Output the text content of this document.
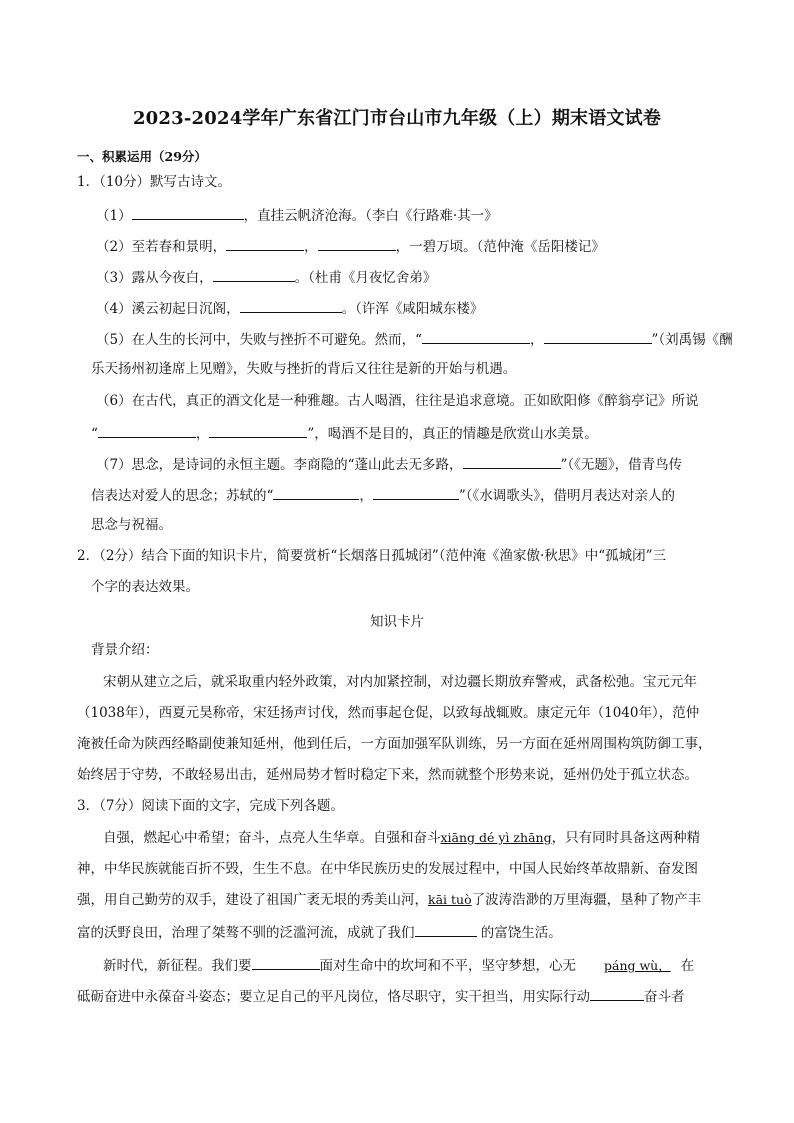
2023-2024学年广东省江门市台山市九年级（上）期末语文试卷
一、积累运用（29分）
1．（10分）默写古诗文。
（1）	，直挂云帆济沧海。（李白《行路难·其一》
（2）至若春和景明，	，	，一碧万顷。（范仲淹《岳阳楼记》
（3）露从今夜白，	。（杜甫《月夜忆舍弟》
（4）溪云初起日沉阁，	。（许浑《咸阳城东楼》
（5）在人生的长河中，失败与挫折不可避免。然而，“	，	”（刘禹锡《酬
乐天扬州初逢席上见赠》，失败与挫折的背后又往往是新的开始与机遇。
（6）在古代，真正的酒文化是一种雅趣。古人喝酒，往往是追求意境。正如欧阳修《醉翁亭记》所说
“	，	”，喝酒不是目的，真正的情趣是欣赏山水美景。
（7）思念，是诗词的永恒主题。李商隐的“蓬山此去无多路，	”（《无题》，借青鸟传
信表达对爱人的思念；苏轼的“	，	”（《水调歌头》，借明月表达对亲人的
思念与祝福。
2．（2分）结合下面的知识卡片，简要赏析“长烟落日孤城闭”（范仲淹《渔家傲·秋思》中“孤城闭”三
个字的表达效果。
知识卡片
背景介绍：
宋朝从建立之后，就采取重内轻外政策，对内加紧控制，对边疆长期放弃警戒，武备松弛。宝元元年
（1038年），西夏元昊称帝，宋廷扬声讨伐，然而事起仓促，以致每战辄败。康定元年（1040年），范仲
淹被任命为陕西经略副使兼知延州，他到任后，一方面加强军队训练，另一方面在延州周围构筑防御工事，
始终居于守势，不敢轻易出击，延州局势才暂时稳定下来，然而就整个形势来说，延州仍处于孤立状态。
3．（7分）阅读下面的文字，完成下列各题。
自强，燃起心中希望；奋斗，点亮人生华章。自强和奋斗xiāng dé yì zhāng，只有同时具备这两种精
神，中华民族就能百折不毁，生生不息。在中华民族历史的发展过程中，中国人民始终革故鼎新、奋发图
强，用自己勤劳的双手，建设了祖国广袤无垠的秀美山河，kāi tuò了波涛浩渺的万里海疆，垦种了物产丰
富的沃野良田，治理了桀骜不驯的泛滥河流，成就了我们	的富饶生活。
新时代，新征程。我们要	面对生命中的坎坷和不平，坚守梦想，心无 páng wù， 在
砥砺奋进中永葆奋斗姿态；要立足自己的平凡岗位，恪尽职守，实干担当，用实际行动	奋斗者
